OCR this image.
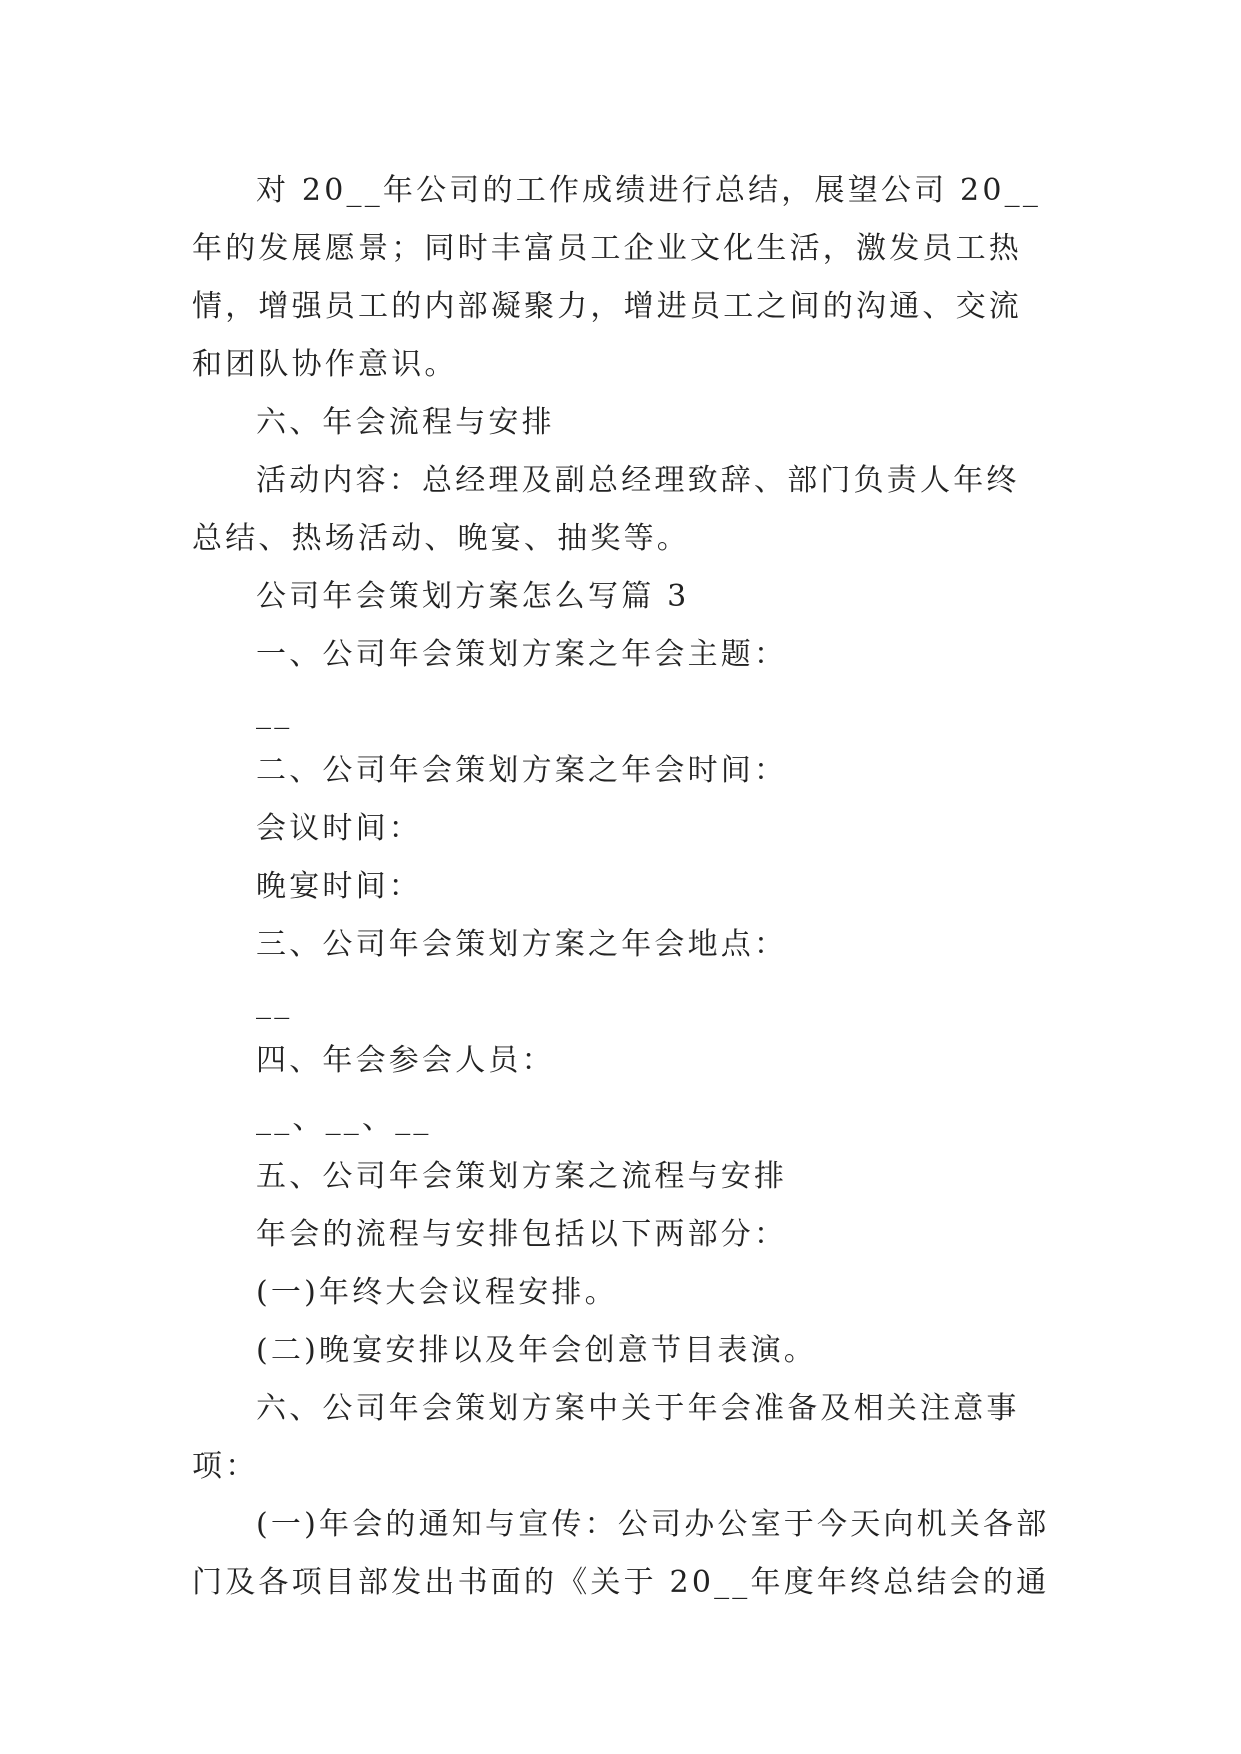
对 20__年公司的工作成绩进行总结，展望公司 20__年的发展愿景；同时丰富员工企业文化生活，激发员工热情，增强员工的内部凝聚力，增进员工之间的沟通、交流和团队协作意识。

六、年会流程与安排

活动内容：总经理及副总经理致辞、部门负责人年终总结、热场活动、晚宴、抽奖等。

公司年会策划方案怎么写篇 3

一、公司年会策划方案之年会主题：

__

二、公司年会策划方案之年会时间：

会议时间：

晚宴时间：

三、公司年会策划方案之年会地点：

__

四、年会参会人员：

__、__、__

五、公司年会策划方案之流程与安排

年会的流程与安排包括以下两部分：

(一)年终大会议程安排。

(二)晚宴安排以及年会创意节目表演。

六、公司年会策划方案中关于年会准备及相关注意事项：

(一)年会的通知与宣传：公司办公室于今天向机关各部门及各项目部发出书面的《关于 20__年度年终总结会的通
